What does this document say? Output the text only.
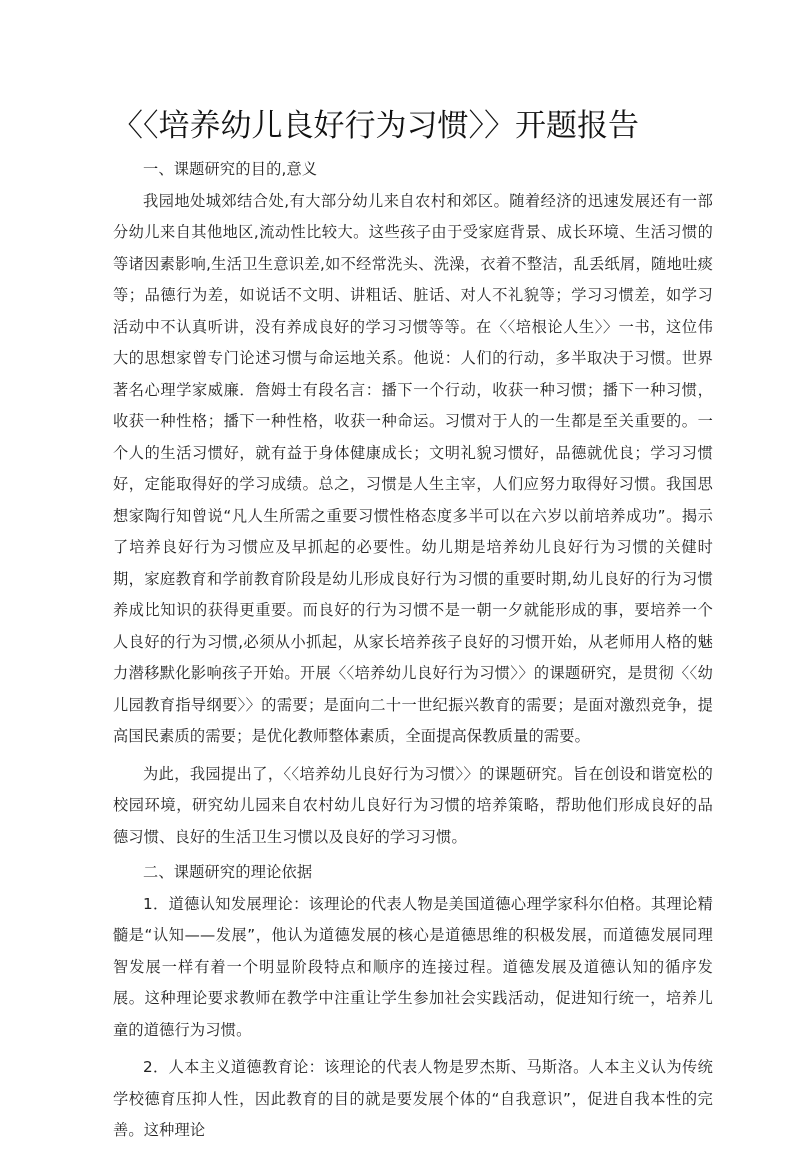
〈〈培养幼儿良好行为习惯〉〉开题报告

一、课题研究的目的,意义

我园地处城郊结合处,有大部分幼儿来自农村和郊区。随着经济的迅速发展还有一部分幼儿来自其他地区,流动性比较大。这些孩子由于受家庭背景、成长环境、生活习惯的等诸因素影响,生活卫生意识差,如不经常洗头、洗澡，衣着不整洁，乱丢纸屑，随地吐痰等；品德行为差，如说话不文明、讲粗话、脏话、对人不礼貌等；学习习惯差，如学习活动中不认真听讲，没有养成良好的学习习惯等等。在〈〈培根论人生〉〉一书，这位伟大的思想家曾专门论述习惯与命运地关系。他说：人们的行动，多半取决于习惯。世界著名心理学家威廉．詹姆士有段名言：播下一个行动，收获一种习惯；播下一种习惯，收获一种性格；播下一种性格，收获一种命运。习惯对于人的一生都是至关重要的。一个人的生活习惯好，就有益于身体健康成长；文明礼貌习惯好，品德就优良；学习习惯好，定能取得好的学习成绩。总之，习惯是人生主宰，人们应努力取得好习惯。我国思想家陶行知曾说“凡人生所需之重要习惯性格态度多半可以在六岁以前培养成功”。揭示了培养良好行为习惯应及早抓起的必要性。幼儿期是培养幼儿良好行为习惯的关健时期，家庭教育和学前教育阶段是幼儿形成良好行为习惯的重要时期,幼儿良好的行为习惯养成比知识的获得更重要。而良好的行为习惯不是一朝一夕就能形成的事，要培养一个人良好的行为习惯,必须从小抓起，从家长培养孩子良好的习惯开始，从老师用人格的魅力潜移默化影响孩子开始。开展〈〈培养幼儿良好行为习惯〉〉的课题研究，是贯彻〈〈幼儿园教育指导纲要〉〉的需要；是面向二十一世纪振兴教育的需要；是面对激烈竞争，提高国民素质的需要；是优化教师整体素质，全面提高保教质量的需要。

为此，我园提出了，〈〈培养幼儿良好行为习惯〉〉的课题研究。旨在创设和谐宽松的校园环境，研究幼儿园来自农村幼儿良好行为习惯的培养策略，帮助他们形成良好的品德习惯、良好的生活卫生习惯以及良好的学习习惯。

二、课题研究的理论依据

1．道德认知发展理论：该理论的代表人物是美国道德心理学家科尔伯格。其理论精髓是“认知——发展”，他认为道德发展的核心是道德思维的积极发展，而道德发展同理智发展一样有着一个明显阶段特点和顺序的连接过程。道德发展及道德认知的循序发展。这种理论要求教师在教学中注重让学生参加社会实践活动，促进知行统一，培养儿童的道德行为习惯。

2．人本主义道德教育论：该理论的代表人物是罗杰斯、马斯洛。人本主义认为传统学校德育压抑人性，因此教育的目的就是要发展个体的“自我意识”，促进自我本性的完善。这种理论
